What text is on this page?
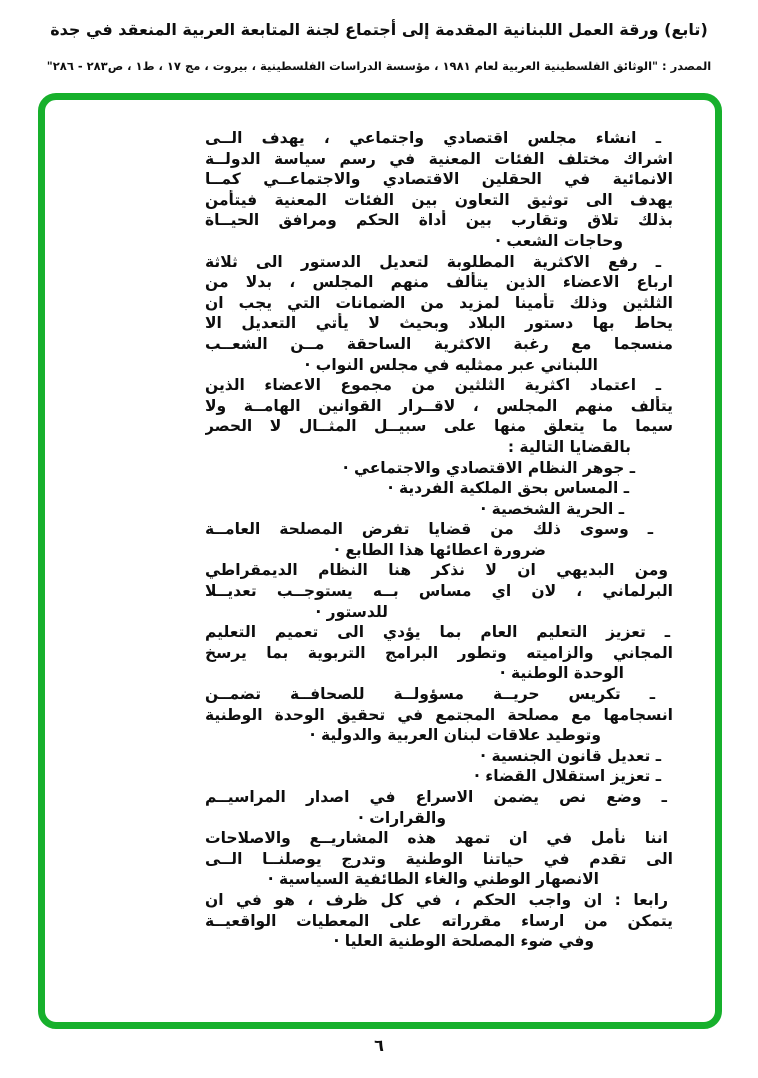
(تابع) ورقة العمل اللبنانية المقدمة إلى أجتماع لجنة المتابعة العربية المنعقد في جدة
المصدر : "الوثائق الفلسطينية العربية لعام ١٩٨١ ، مؤسسة الدراسات الفلسطينية ، بيروت ، مج ١٧ ، ط١ ، ص٢٨٣ - ٢٨٦"
ـ انشاء مجلس اقتصادي واجتماعي ، يهدف الــى
اشراك مختلف الفئات المعنية في رسم سياسة الدولــة
الانمائية في الحقلين الاقتصادي والاجتماعــي كمــا
يهدف الى توثيق التعاون بين الفئات المعنية فيتأمن
بذلك تلاق وتقارب بين أداة الحكم ومرافق الحيــاة
وحاجات الشعب ·
ـ رفع الاكثرية المطلوبة لتعديل الدستور الى ثلاثة
ارباع الاعضاء الذين يتألف منهم المجلس ، بدلا من
الثلثين وذلك تأمينا لمزيد من الضمانات التي يجب ان
يحاط بها دستور البلاد وبحيث لا يأتي التعديل الا
منسجما مع رغبة الاكثرية الساحقة مــن الشعــب
اللبناني عبر ممثليه في مجلس النواب ·
ـ اعتماد اكثرية الثلثين من مجموع الاعضاء الذين
يتألف منهم المجلس ، لاقــرار القوانين الهامــة ولا
سيما ما يتعلق منها على سبيــل المثــال لا الحصر
بالقضايا التالية :
ـ جوهر النظام الاقتصادي والاجتماعي ·
ـ المساس بحق الملكية الفردية ·
ـ الحرية الشخصية ·
ـ وسوى ذلك من قضايا تفرض المصلحة العامــة
ضرورة اعطائها هذا الطابع ·
ومن البديهي ان لا نذكر هنا النظام الديمقراطي
البرلماني ، لان اي مساس بــه يستوجــب تعديــلا
للدستور ·
ـ تعزيز التعليم العام بما يؤدي الى تعميم التعليم
المجاني والزاميته وتطور البرامج التربوية بما يرسخ
الوحدة الوطنية ·
ـ تكريس حريــة مسؤولــة للصحافــة تضمــن
انسجامها مع مصلحة المجتمع في تحقيق الوحدة الوطنية
وتوطيد علاقات لبنان العربية والدولية ·
ـ تعديل قانون الجنسية ·
ـ تعزيز استقلال القضاء ·
ـ وضع نص يضمن الاسراع في اصدار المراسيــم
والقرارات ·
اننا نأمل في ان تمهد هذه المشاريــع والاصلاحات
الى تقدم في حياتنا الوطنية وتدرج يوصلنــا الــى
الانصهار الوطني والغاء الطائفية السياسية ·
رابعا : ان واجب الحكم ، في كل ظرف ، هو في ان
يتمكن من ارساء مقرراته على المعطيات الواقعيــة
وفي ضوء المصلحة الوطنية العليا ·
٦
